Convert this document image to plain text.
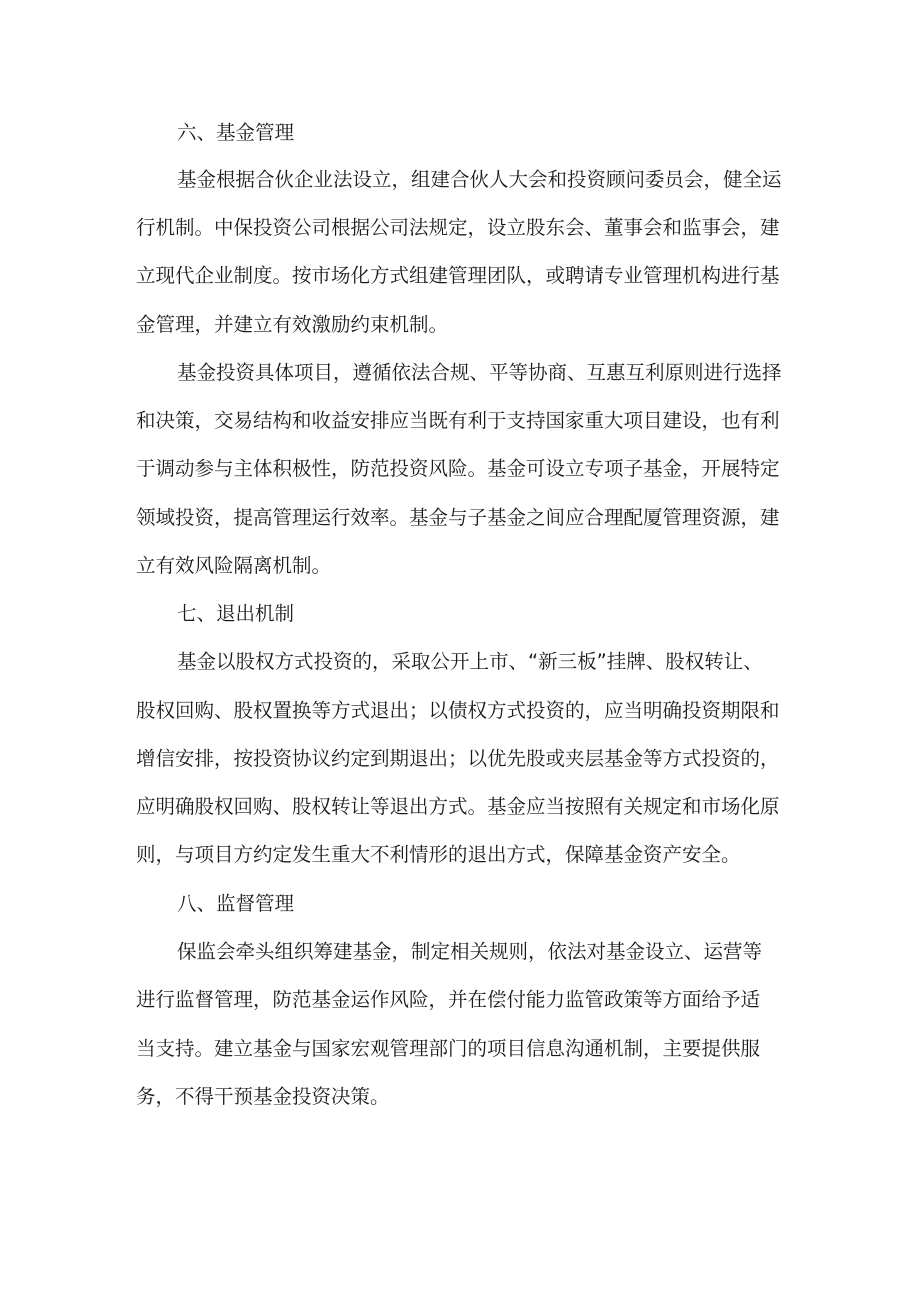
六、基金管理
基金根据合伙企业法设立，组建合伙人大会和投资顾问委员会，健全运
行机制。中保投资公司根据公司法规定，设立股东会、董事会和监事会，建
立现代企业制度。按市场化方式组建管理团队，或聘请专业管理机构进行基
金管理，并建立有效激励约束机制。
基金投资具体项目，遵循依法合规、平等协商、互惠互利原则进行选择
和决策，交易结构和收益安排应当既有利于支持国家重大项目建设，也有利
于调动参与主体积极性，防范投资风险。基金可设立专项子基金，开展特定
领域投资，提高管理运行效率。基金与子基金之间应合理配厦管理资源，建
立有效风险隔离机制。
七、退出机制
基金以股权方式投资的，采取公开上市、“新三板”挂牌、股权转让、
股权回购、股权置换等方式退出；以债权方式投资的，应当明确投资期限和
增信安排，按投资协议约定到期退出；以优先股或夹层基金等方式投资的，
应明确股权回购、股权转让等退出方式。基金应当按照有关规定和市场化原
则，与项目方约定发生重大不利情形的退出方式，保障基金资产安全。
八、监督管理
保监会牵头组织筹建基金，制定相关规则，依法对基金设立、运营等
进行监督管理，防范基金运作风险，并在偿付能力监管政策等方面给予适
当支持。建立基金与国家宏观管理部门的项目信息沟通机制，主要提供服
务，不得干预基金投资决策。
